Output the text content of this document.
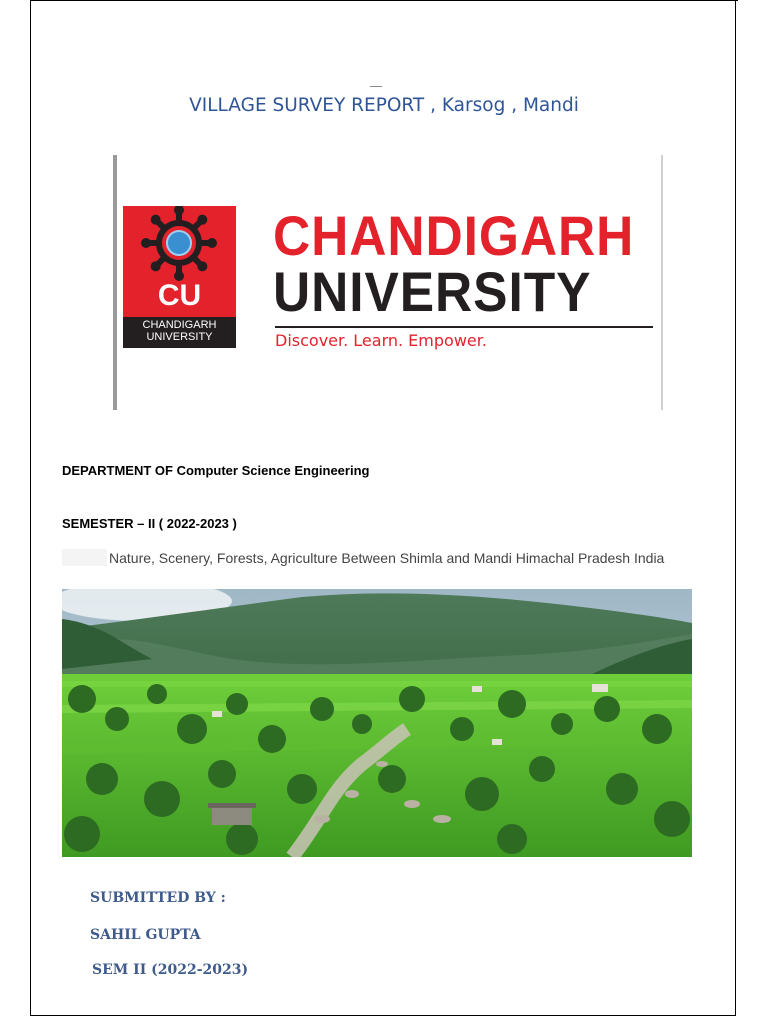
VILLAGE SURVEY REPORT , Karsog , Mandi
CU
CHANDIGARH
UNIVERSITY
CHANDIGARH
UNIVERSITY
Discover. Learn. Empower.
DEPARTMENT OF Computer Science Engineering
SEMESTER – II ( 2022-2023 )
Nature, Scenery, Forests, Agriculture Between Shimla and Mandi Himachal Pradesh India
SUBMITTED BY :
SAHIL GUPTA
SEM II (2022-2023)
